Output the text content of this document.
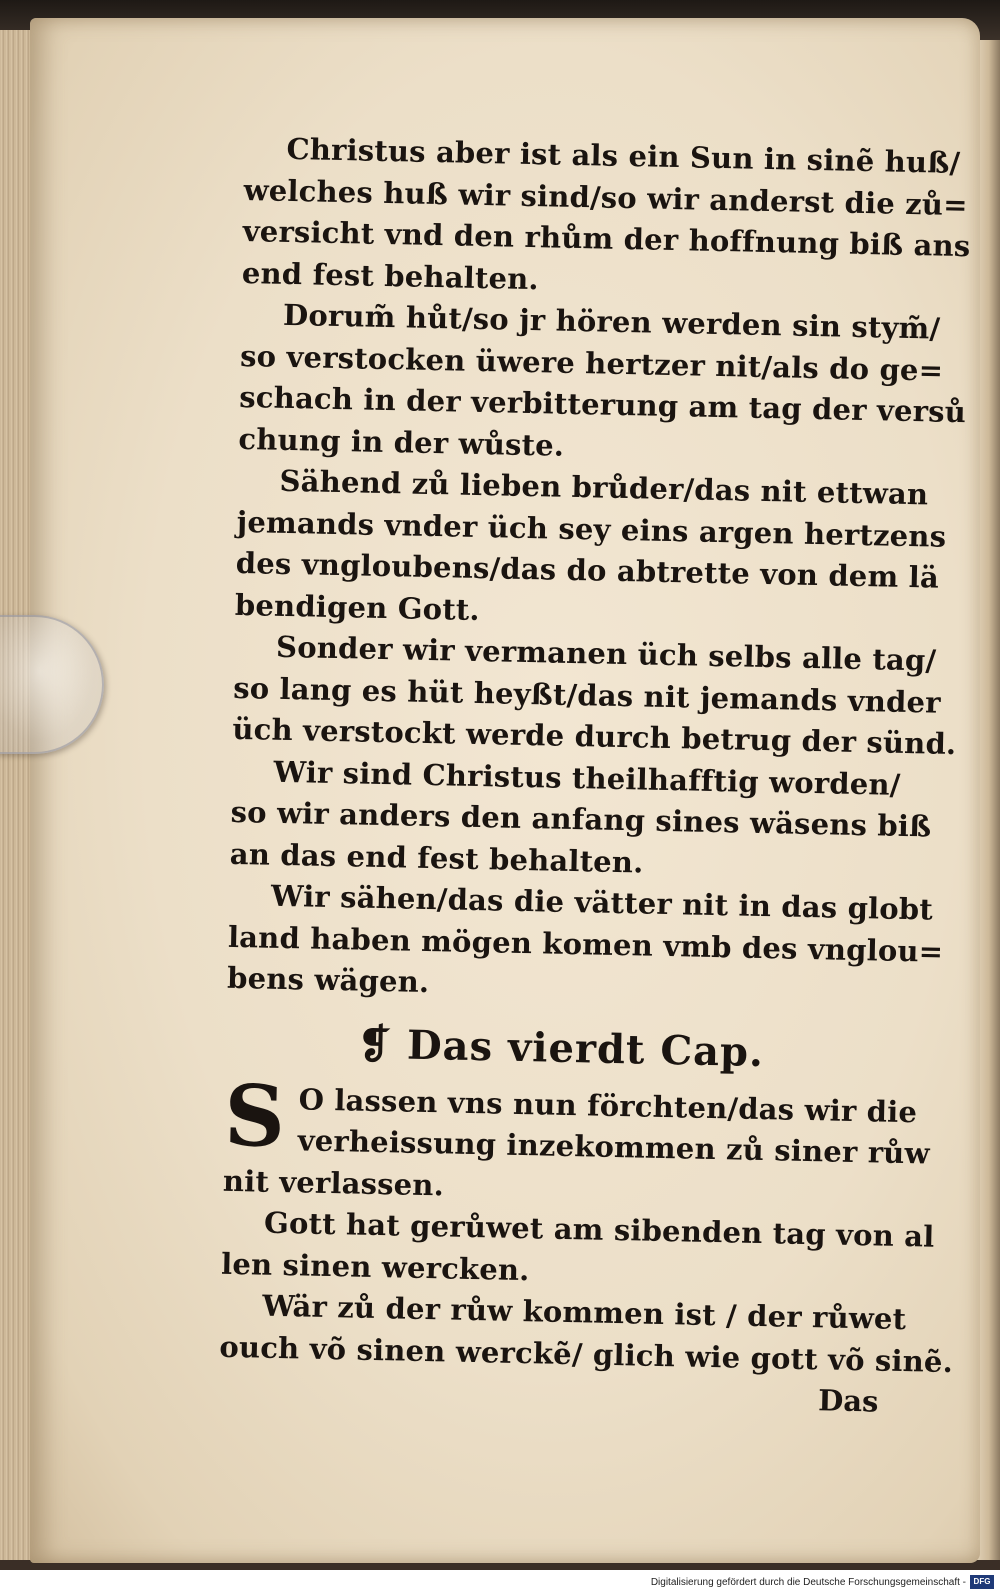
Christus aber ist als ein Sun in sinẽ huß/
welches huß wir sind/so wir anderst die zů=
versicht vnd den rhům der hoffnung biß ans
end fest behalten.
Dorum̃ hůt/so jr hören werden sin stym̃/
so verstocken üwere hertzer nit/als do ge=
schach in der verbitterung am tag der versů
chung in der wůste.
Sähend zů lieben brůder/das nit ettwan
jemands vnder üch sey eins argen hertzens
des vngloubens/das do abtrette von dem lä
bendigen Gott.
Sonder wir vermanen üch selbs alle tag/
so lang es hüt heyßt/das nit jemands vnder
üch verstockt werde durch betrug der sünd.
Wir sind Christus theilhafftig worden/
so wir anders den anfang sines wäsens biß
an das end fest behalten.
Wir sähen/das die vätter nit in das globt
land haben mögen komen vmb des vnglou=
bens wägen.
❡ Das vierdt Cap.
S O lassen vns nun förchten/das wir die
verheissung inzekommen zů siner růw
nit verlassen.
Gott hat gerůwet am sibenden tag von al
len sinen wercken.
Wär zů der růw kommen ist / der růwet
ouch võ sinen werckẽ/ glich wie gott võ sinẽ.
Das
Digitalisierung gefördert durch die Deutsche Forschungsgemeinschaft - DFG
